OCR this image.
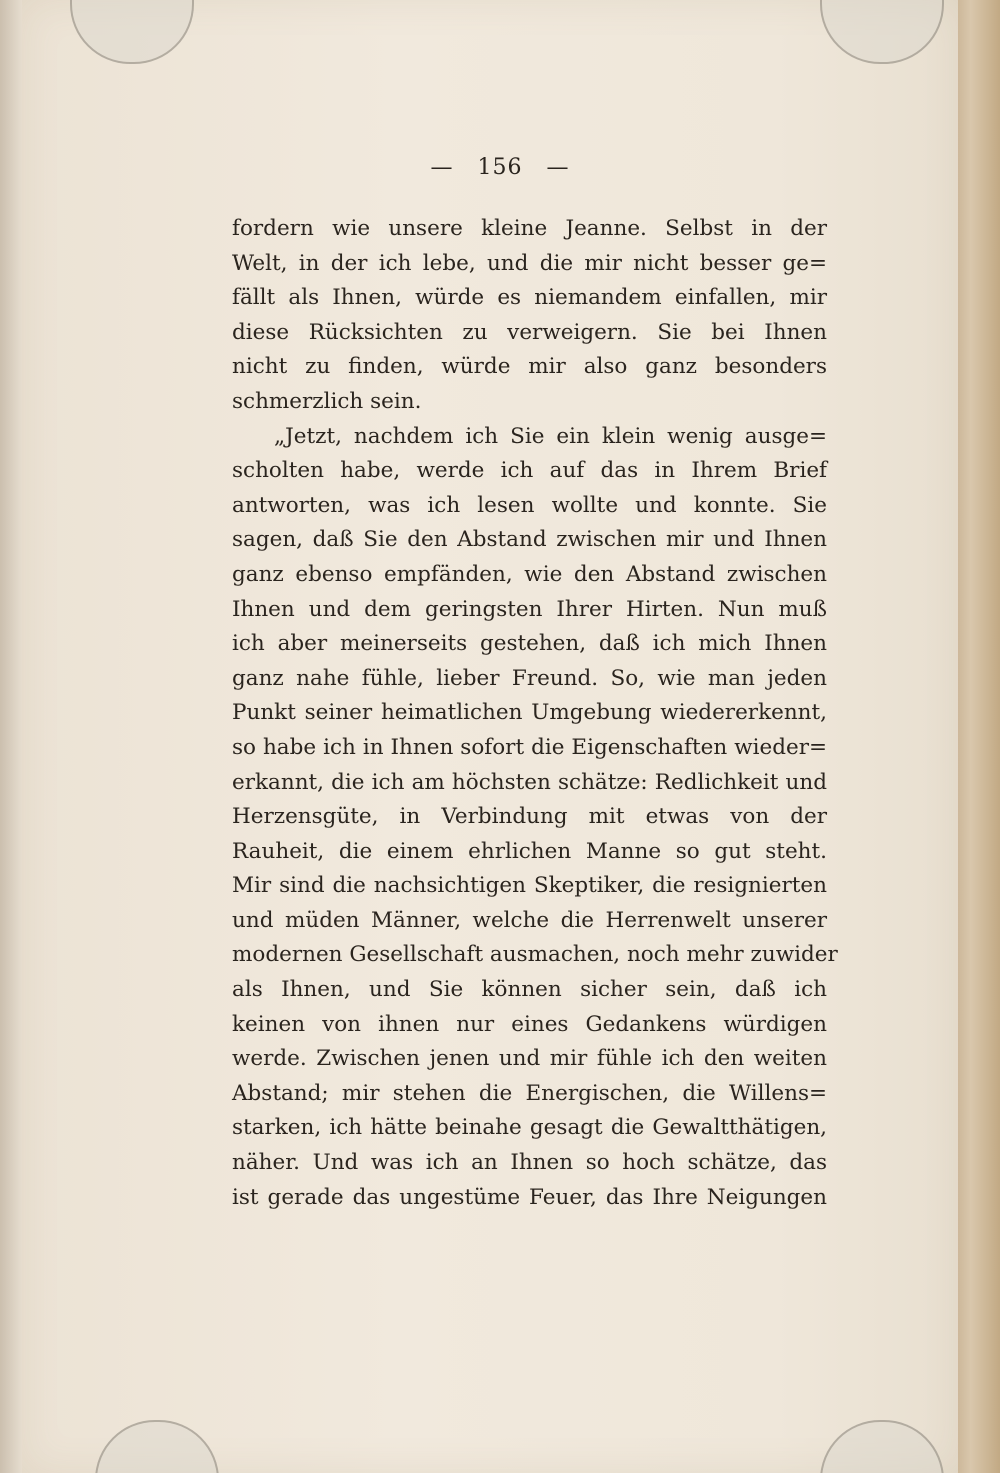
— 156 —

fordern wie unsere kleine Jeanne. Selbst in der

Welt, in der ich lebe, und die mir nicht besser ge=

fällt als Ihnen, würde es niemandem einfallen, mir

diese Rücksichten zu verweigern. Sie bei Ihnen

nicht zu finden, würde mir also ganz besonders

schmerzlich sein.

„Jetzt, nachdem ich Sie ein klein wenig ausge=

scholten habe, werde ich auf das in Ihrem Brief

antworten, was ich lesen wollte und konnte. Sie

sagen, daß Sie den Abstand zwischen mir und Ihnen

ganz ebenso empfänden, wie den Abstand zwischen

Ihnen und dem geringsten Ihrer Hirten. Nun muß

ich aber meinerseits gestehen, daß ich mich Ihnen

ganz nahe fühle, lieber Freund. So, wie man jeden

Punkt seiner heimatlichen Umgebung wiedererkennt,

so habe ich in Ihnen sofort die Eigenschaften wieder=

erkannt, die ich am höchsten schätze: Redlichkeit und

Herzensgüte, in Verbindung mit etwas von der

Rauheit, die einem ehrlichen Manne so gut steht.

Mir sind die nachsichtigen Skeptiker, die resignierten

und müden Männer, welche die Herrenwelt unserer

modernen Gesellschaft ausmachen, noch mehr zuwider

als Ihnen, und Sie können sicher sein, daß ich

keinen von ihnen nur eines Gedankens würdigen

werde. Zwischen jenen und mir fühle ich den weiten

Abstand; mir stehen die Energischen, die Willens=

starken, ich hätte beinahe gesagt die Gewaltthätigen,

näher. Und was ich an Ihnen so hoch schätze, das

ist gerade das ungestüme Feuer, das Ihre Neigungen
